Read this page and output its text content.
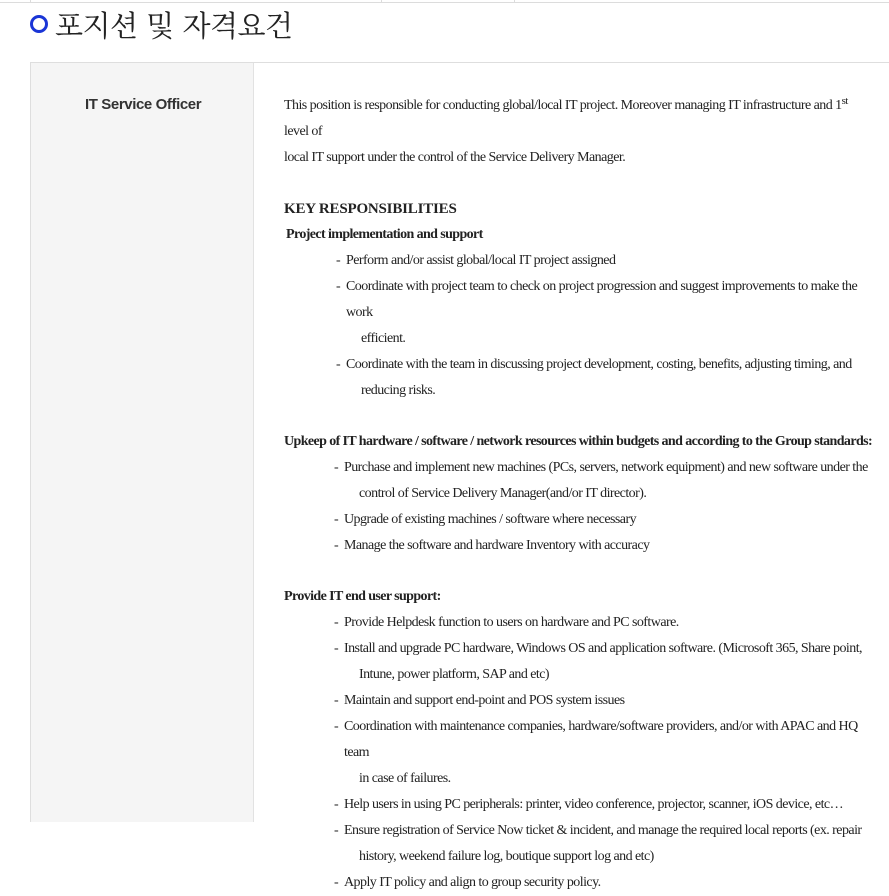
포지션 및 자격요건
IT Service Officer	This position is responsible for conducting global/local IT project. Moreover managing IT infrastructure and 1st level of
local IT support under the control of the Service Delivery Manager.

KEY RESPONSIBILITIES

Project implementation and support

- Perform and/or assist global/local IT project assigned
- Coordinate with project team to check on project progression and suggest improvements to make the work
efficient.
- Coordinate with the team in discussing project development, costing, benefits, adjusting timing, and
reducing risks.

Upkeep of IT hardware / software / network resources within budgets and according to the Group standards:

- Purchase and implement new machines (PCs, servers, network equipment) and new software under the
control of Service Delivery Manager(and/or IT director).
- Upgrade of existing machines / software where necessary
- Manage the software and hardware Inventory with accuracy

Provide IT end user support:

- Provide Helpdesk function to users on hardware and PC software.
- Install and upgrade PC hardware, Windows OS and application software. (Microsoft 365, Share point,
Intune, power platform, SAP and etc)
- Maintain and support end-point and POS system issues
- Coordination with maintenance companies, hardware/software providers, and/or with APAC and HQ team
in case of failures.
- Help users in using PC peripherals: printer, video conference, projector, scanner, iOS device, etc…
- Ensure registration of Service Now ticket & incident, and manage the required local reports (ex. repair
history, weekend failure log, boutique support log and etc)
- Apply IT policy and align to group security policy.
